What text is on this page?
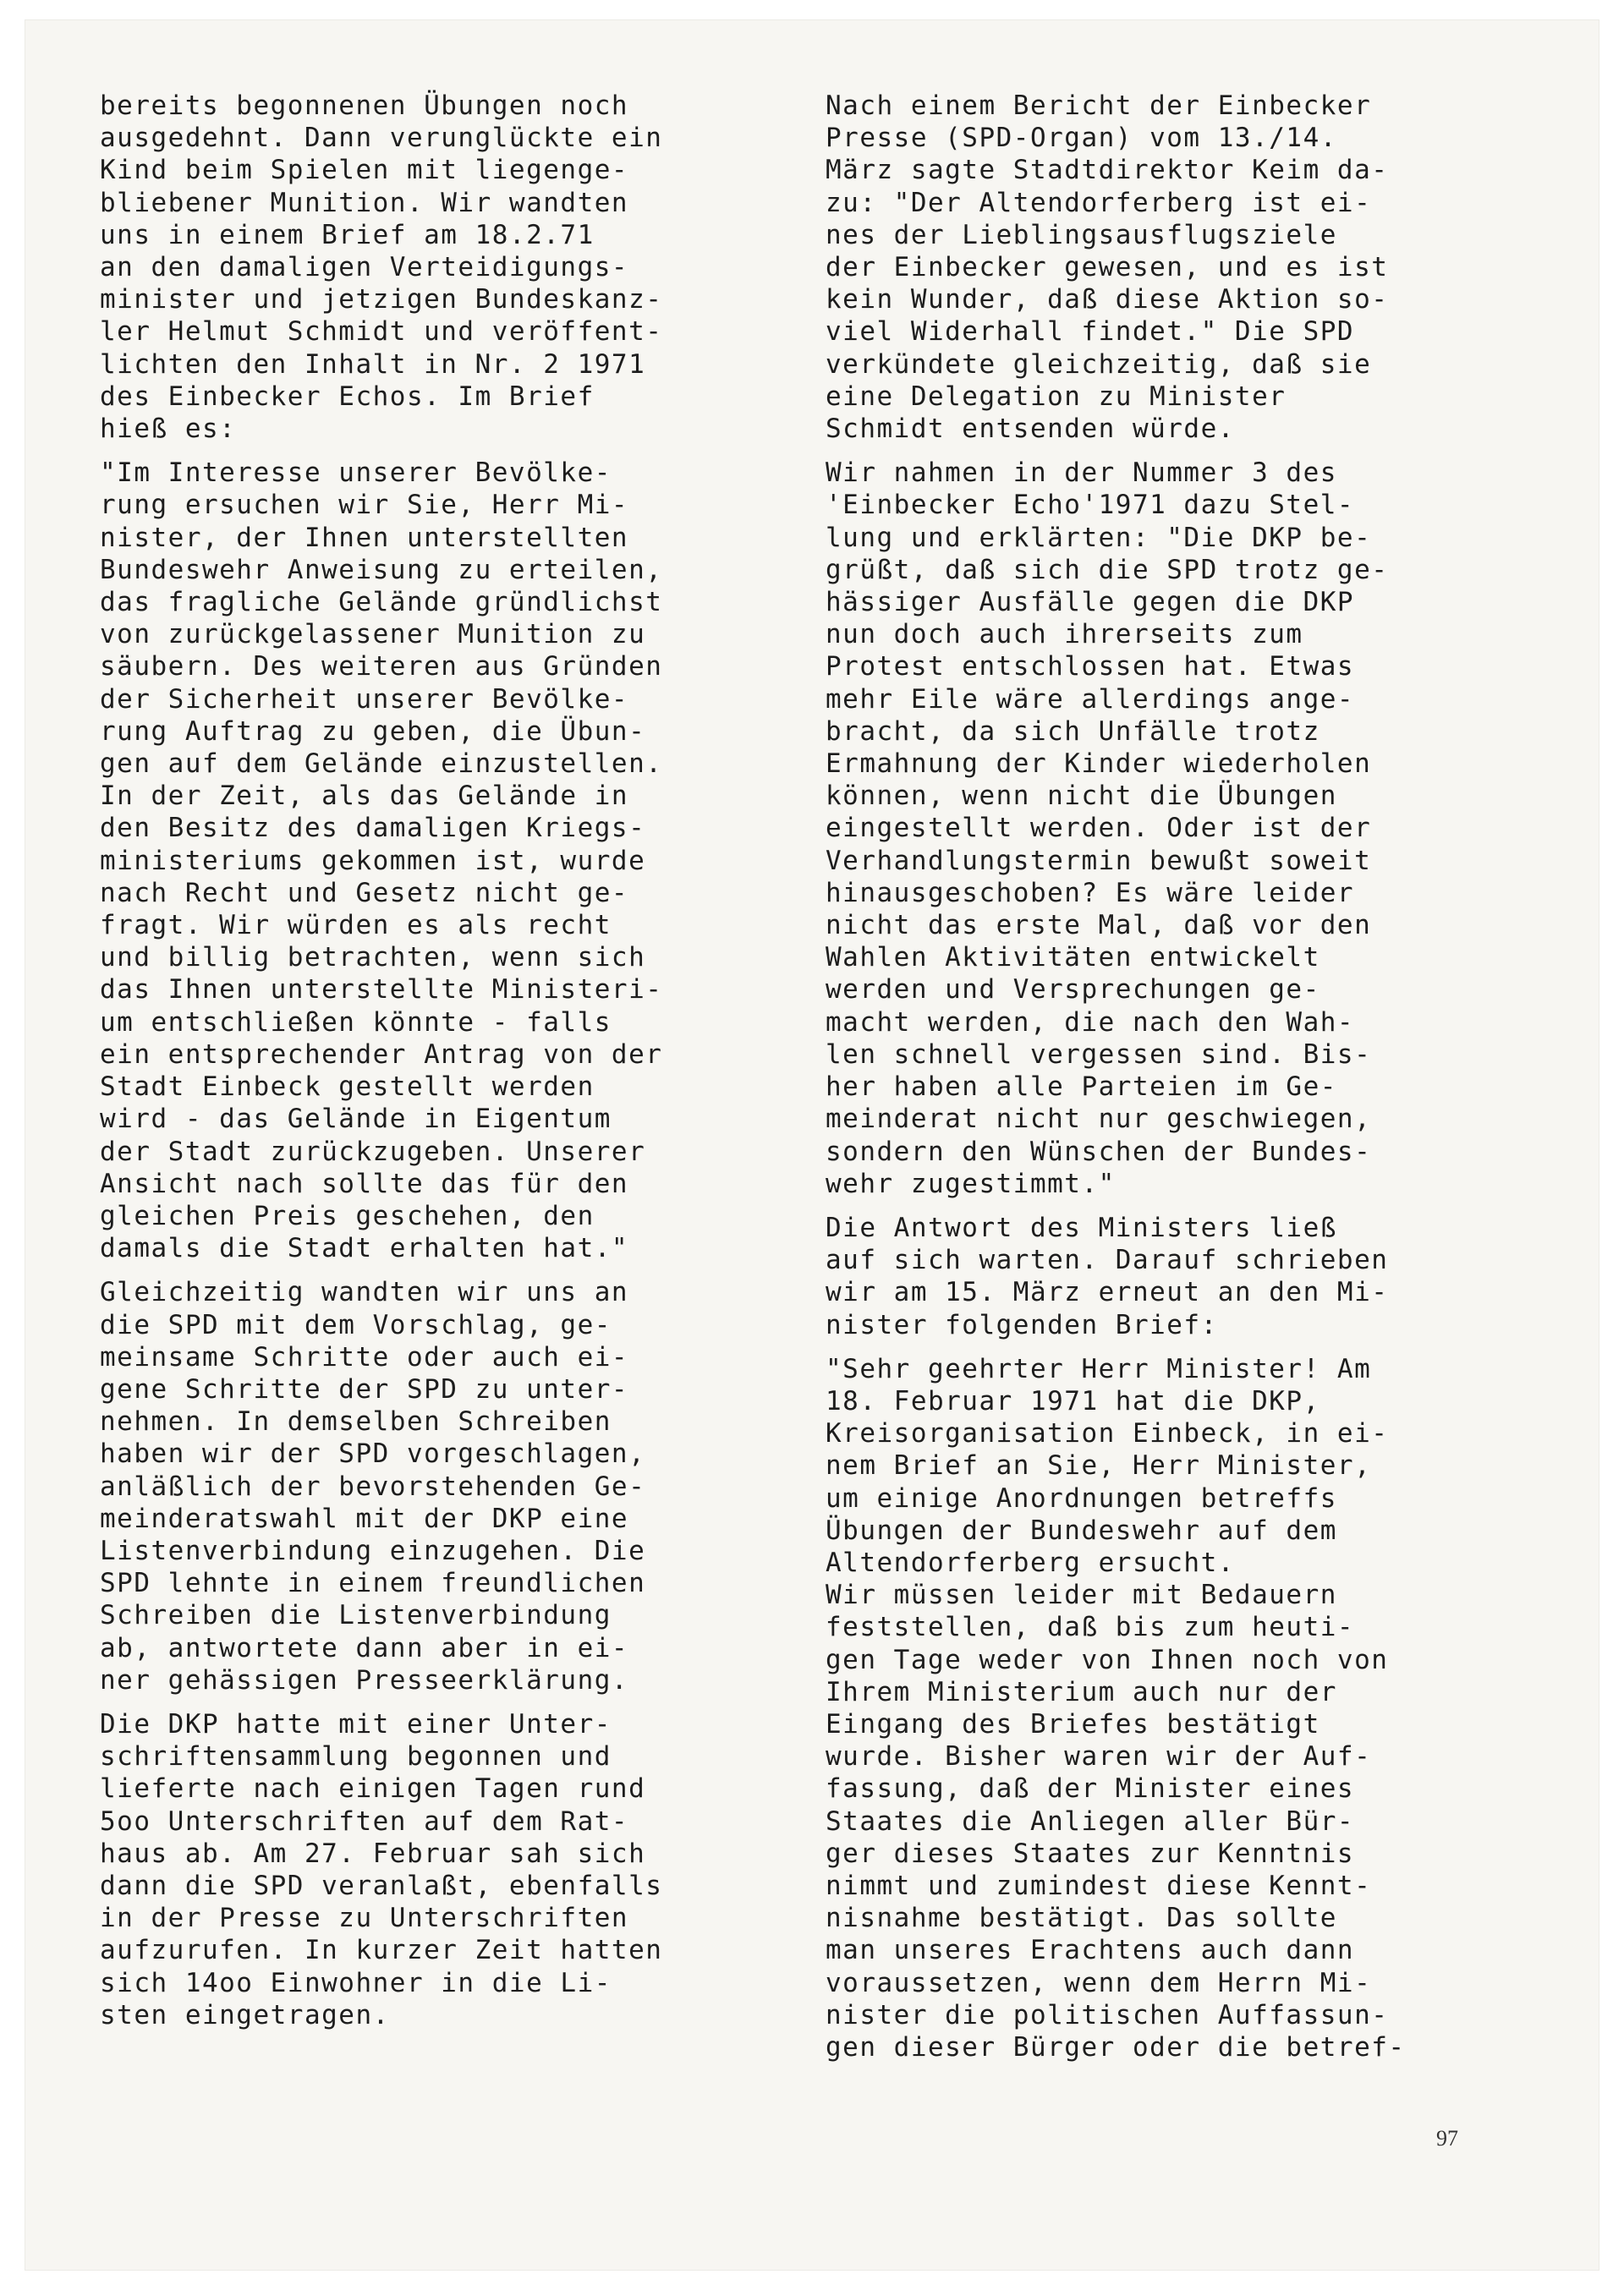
bereits begonnenen Übungen noch
ausgedehnt. Dann verunglückte ein
Kind beim Spielen mit liegenge-
bliebener Munition. Wir wandten
uns in einem Brief am 18.2.71
an den damaligen Verteidigungs-
minister und jetzigen Bundeskanz-
ler Helmut Schmidt und veröffent-
lichten den Inhalt in Nr. 2 1971
des Einbecker Echos. Im Brief
hieß es:
"Im Interesse unserer Bevölke-
rung ersuchen wir Sie, Herr Mi-
nister, der Ihnen unterstellten
Bundeswehr Anweisung zu erteilen,
das fragliche Gelände gründlichst
von zurückgelassener Munition zu
säubern. Des weiteren aus Gründen
der Sicherheit unserer Bevölke-
rung Auftrag zu geben, die Übun-
gen auf dem Gelände einzustellen.
In der Zeit, als das Gelände in
den Besitz des damaligen Kriegs-
ministeriums gekommen ist, wurde
nach Recht und Gesetz nicht ge-
fragt. Wir würden es als recht
und billig betrachten, wenn sich
das Ihnen unterstellte Ministeri-
um entschließen könnte - falls
ein entsprechender Antrag von der
Stadt Einbeck gestellt werden
wird - das Gelände in Eigentum
der Stadt zurückzugeben. Unserer
Ansicht nach sollte das für den
gleichen Preis geschehen, den
damals die Stadt erhalten hat."
Gleichzeitig wandten wir uns an
die SPD mit dem Vorschlag, ge-
meinsame Schritte oder auch ei-
gene Schritte der SPD zu unter-
nehmen. In demselben Schreiben
haben wir der SPD vorgeschlagen,
anläßlich der bevorstehenden Ge-
meinderatswahl mit der DKP eine
Listenverbindung einzugehen. Die
SPD lehnte in einem freundlichen
Schreiben die Listenverbindung
ab, antwortete dann aber in ei-
ner gehässigen Presseerklärung.
Die DKP hatte mit einer Unter-
schriftensammlung begonnen und
lieferte nach einigen Tagen rund
5oo Unterschriften auf dem Rat-
haus ab. Am 27. Februar sah sich
dann die SPD veranlaßt, ebenfalls
in der Presse zu Unterschriften
aufzurufen. In kurzer Zeit hatten
sich 14oo Einwohner in die Li-
sten eingetragen.
Nach einem Bericht der Einbecker
Presse (SPD-Organ) vom 13./14.
März sagte Stadtdirektor Keim da-
zu: "Der Altendorferberg ist ei-
nes der Lieblingsausflugsziele
der Einbecker gewesen, und es ist
kein Wunder, daß diese Aktion so-
viel Widerhall findet." Die SPD
verkündete gleichzeitig, daß sie
eine Delegation zu Minister
Schmidt entsenden würde.
Wir nahmen in der Nummer 3 des
'Einbecker Echo'1971 dazu Stel-
lung und erklärten: "Die DKP be-
grüßt, daß sich die SPD trotz ge-
hässiger Ausfälle gegen die DKP
nun doch auch ihrerseits zum
Protest entschlossen hat. Etwas
mehr Eile wäre allerdings ange-
bracht, da sich Unfälle trotz
Ermahnung der Kinder wiederholen
können, wenn nicht die Übungen
eingestellt werden. Oder ist der
Verhandlungstermin bewußt soweit
hinausgeschoben? Es wäre leider
nicht das erste Mal, daß vor den
Wahlen Aktivitäten entwickelt
werden und Versprechungen ge-
macht werden, die nach den Wah-
len schnell vergessen sind. Bis-
her haben alle Parteien im Ge-
meinderat nicht nur geschwiegen,
sondern den Wünschen der Bundes-
wehr zugestimmt."
Die Antwort des Ministers ließ
auf sich warten. Darauf schrieben
wir am 15. März erneut an den Mi-
nister folgenden Brief:
"Sehr geehrter Herr Minister! Am
18. Februar 1971 hat die DKP,
Kreisorganisation Einbeck, in ei-
nem Brief an Sie, Herr Minister,
um einige Anordnungen betreffs
Übungen der Bundeswehr auf dem
Altendorferberg ersucht.
Wir müssen leider mit Bedauern
feststellen, daß bis zum heuti-
gen Tage weder von Ihnen noch von
Ihrem Ministerium auch nur der
Eingang des Briefes bestätigt
wurde. Bisher waren wir der Auf-
fassung, daß der Minister eines
Staates die Anliegen aller Bür-
ger dieses Staates zur Kenntnis
nimmt und zumindest diese Kennt-
nisnahme bestätigt. Das sollte
man unseres Erachtens auch dann
voraussetzen, wenn dem Herrn Mi-
nister die politischen Auffassun-
gen dieser Bürger oder die betref-
97
